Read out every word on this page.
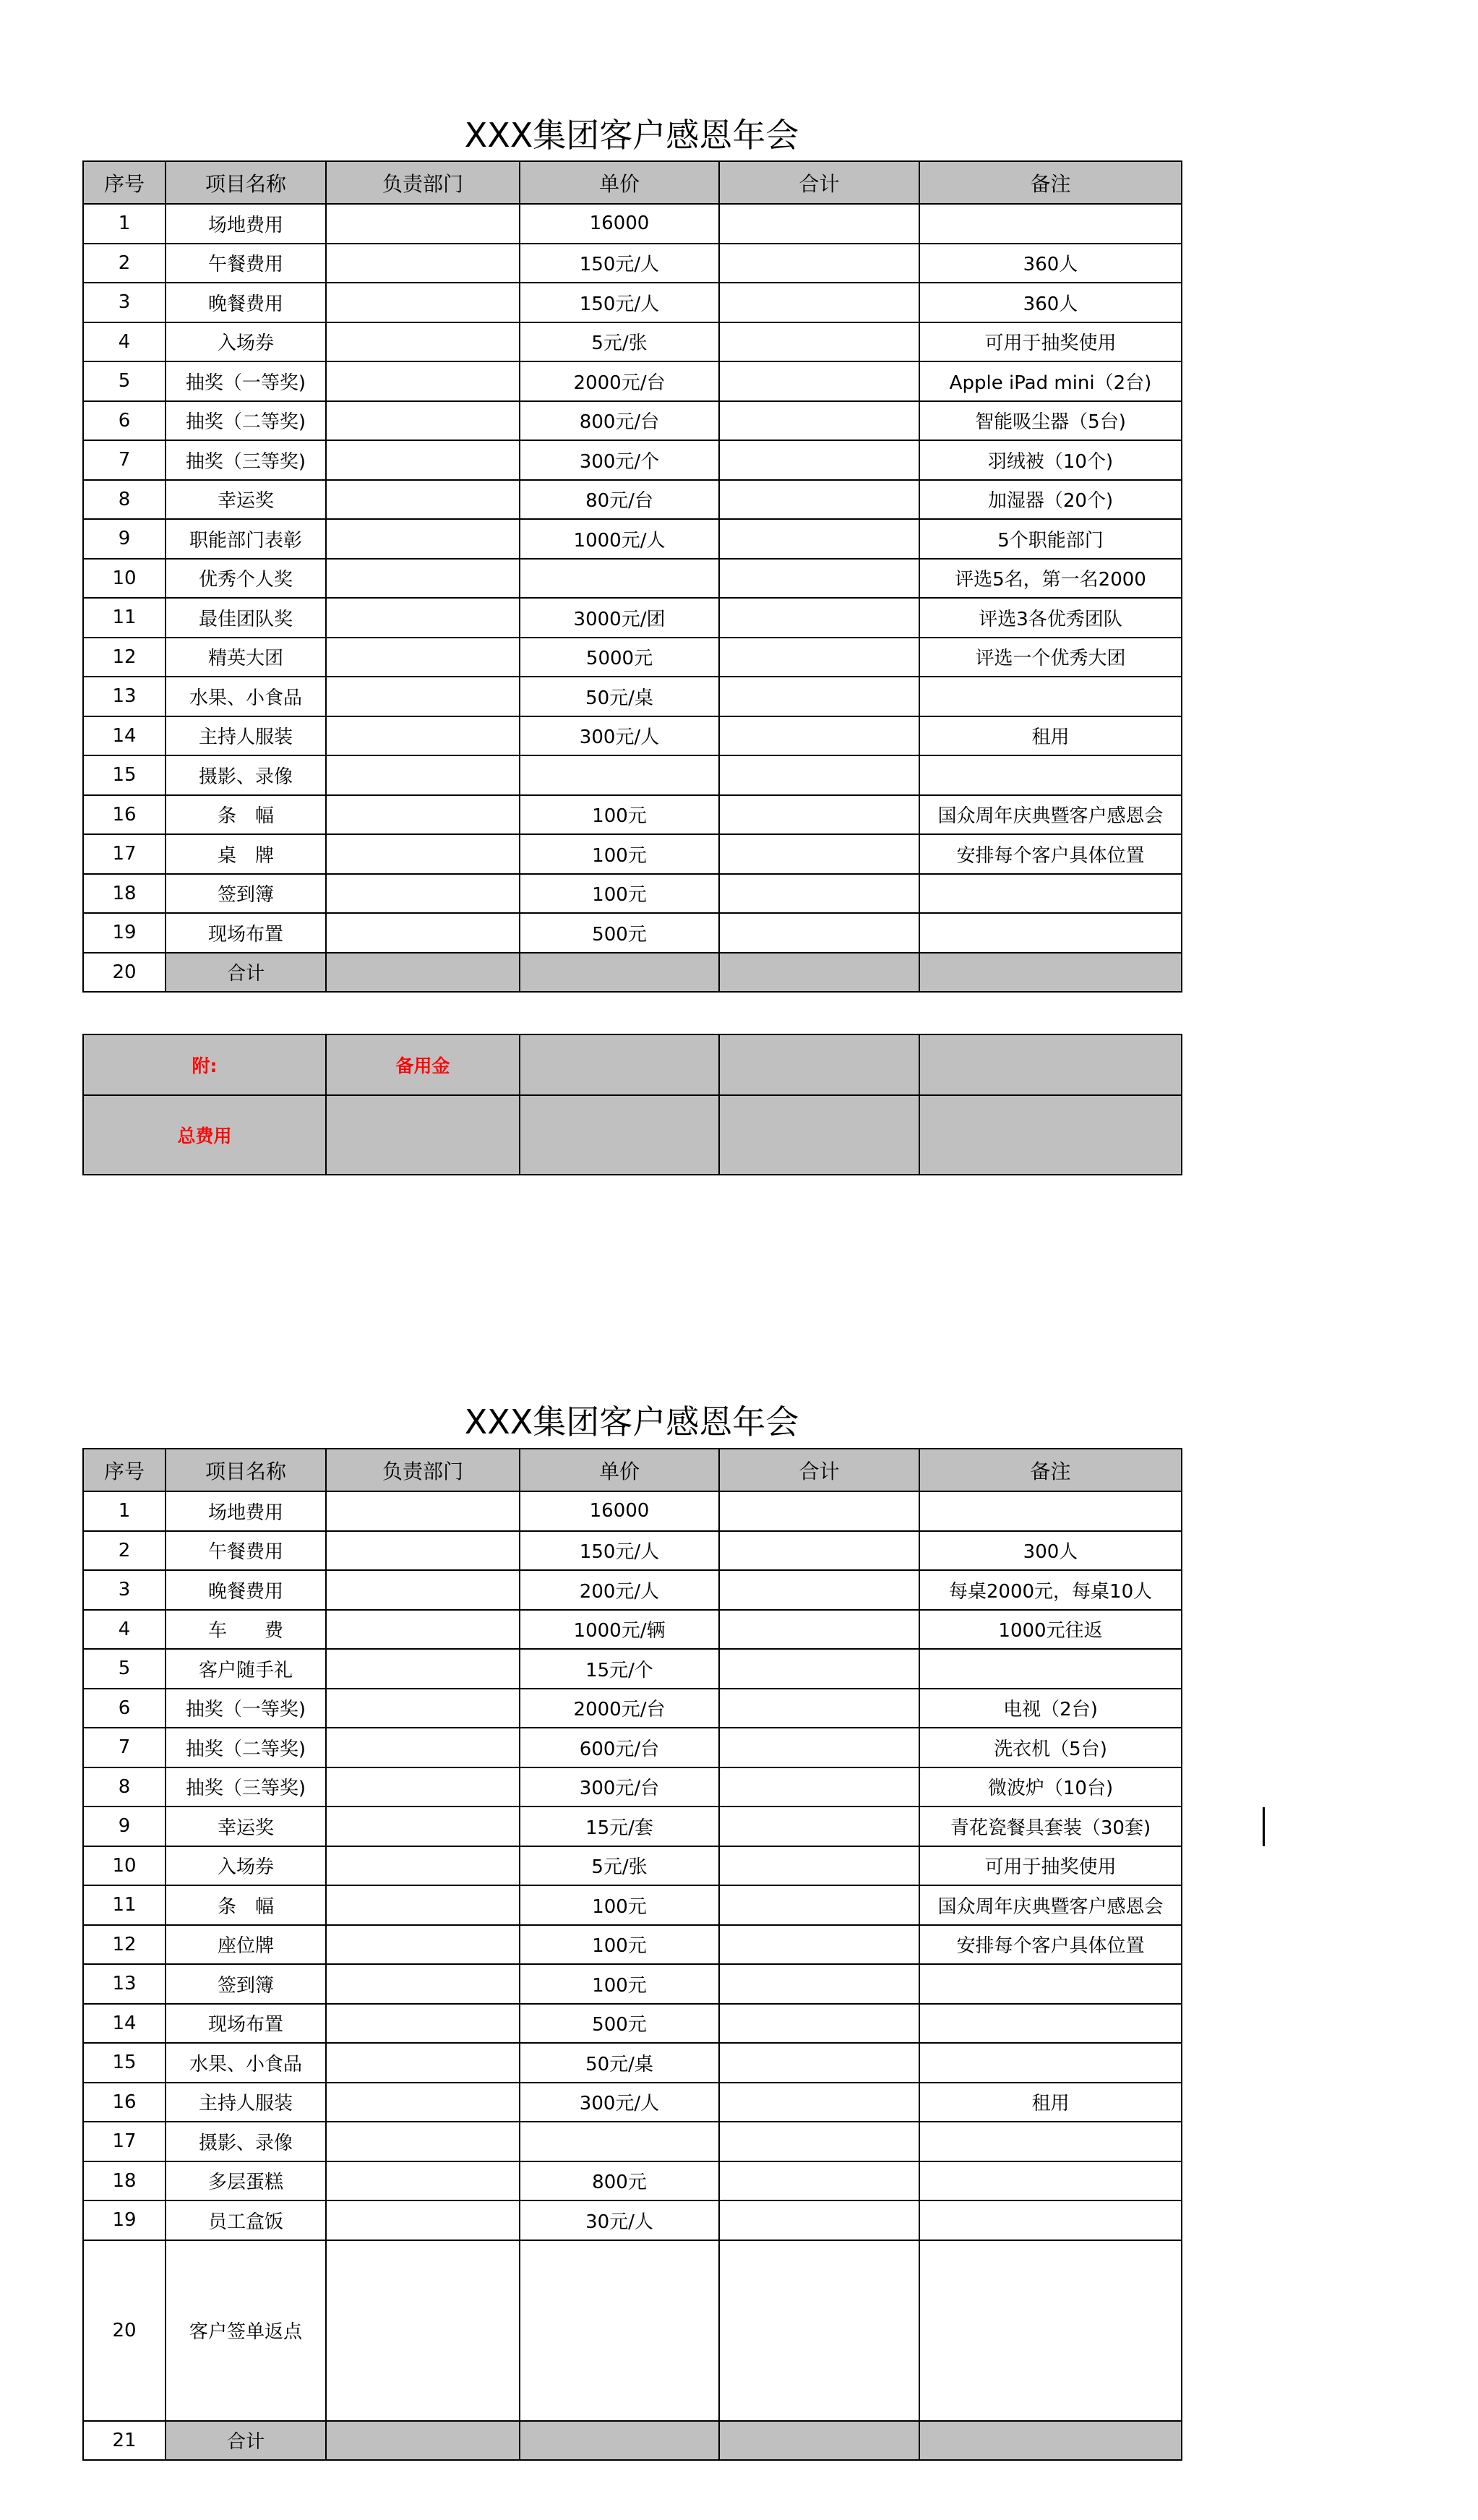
XXX集团客户感恩年会
序号	项目名称	负责部门	单价	合计	备注
1	场地费用		16000		
2	午餐费用		150元/人		360人
3	晚餐费用		150元/人		360人
4	入场券		5元/张		可用于抽奖使用
5	抽奖（一等奖)		2000元/台		Apple iPad mini（2台)
6	抽奖（二等奖)		800元/台		智能吸尘器（5台)
7	抽奖（三等奖)		300元/个		羽绒被（10个)
8	幸运奖		80元/台		加湿器（20个)
9	职能部门表彰		1000元/人		5个职能部门
10	优秀个人奖				评选5名，第一名2000
11	最佳团队奖		3000元/团		评选3各优秀团队
12	精英大团		5000元		评选一个优秀大团
13	水果、小食品		50元/桌		
14	主持人服装		300元/人		租用
15	摄影、录像				
16	条　幅		100元		国众周年庆典暨客户感恩会
17	桌　牌		100元		安排每个客户具体位置
18	签到簿		100元		
19	现场布置		500元		
20	合计				
附:	备用金			
总费用				
XXX集团客户感恩年会
序号	项目名称	负责部门	单价	合计	备注
1	场地费用		16000		
2	午餐费用		150元/人		300人
3	晚餐费用		200元/人		每桌2000元，每桌10人
4	车　　费		1000元/辆		1000元往返
5	客户随手礼		15元/个		
6	抽奖（一等奖)		2000元/台		电视（2台)
7	抽奖（二等奖)		600元/台		洗衣机（5台)
8	抽奖（三等奖)		300元/台		微波炉（10台)
9	幸运奖		15元/套		青花瓷餐具套装（30套)
10	入场券		5元/张		可用于抽奖使用
11	条　幅		100元		国众周年庆典暨客户感恩会
12	座位牌		100元		安排每个客户具体位置
13	签到簿		100元		
14	现场布置		500元		
15	水果、小食品		50元/桌		
16	主持人服装		300元/人		租用
17	摄影、录像				
18	多层蛋糕		800元		
19	员工盒饭		30元/人		
20	客户签单返点				
21	合计				
